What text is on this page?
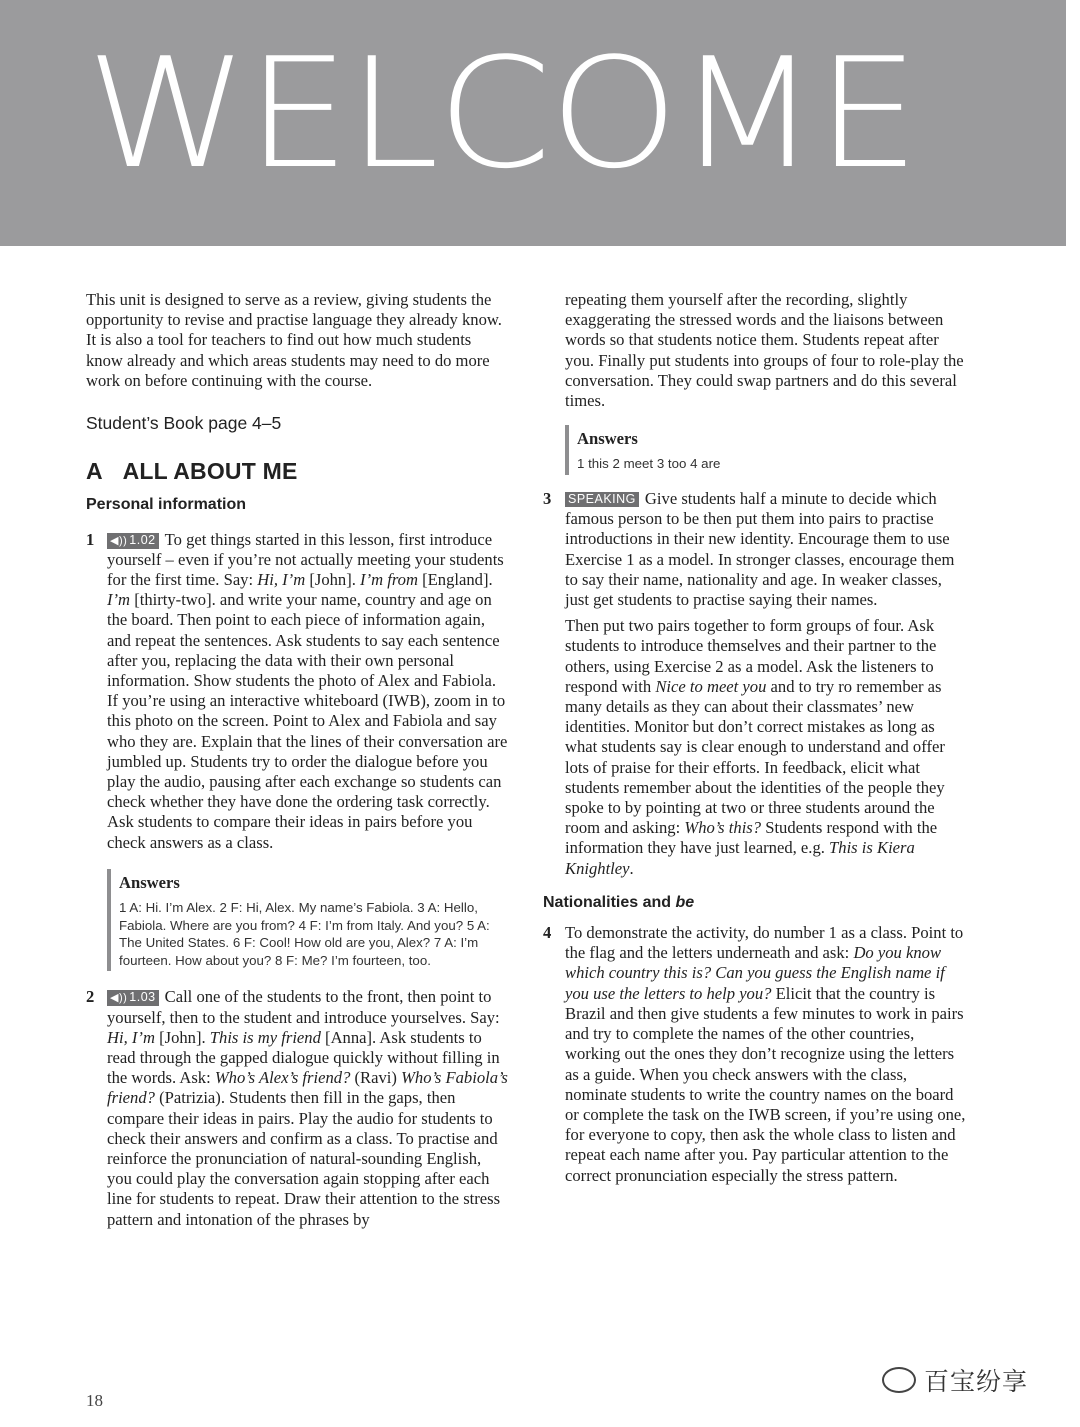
WELCOME

This unit is designed to serve as a review, giving students the opportunity to revise and practise language they already know. It is also a tool for teachers to find out how much students know already and which areas students may need to do more work on before continuing with the course.

Student’s Book page 4–5
A ALL ABOUT ME
Personal information
1 ◀)) 1.02 To get things started in this lesson, first introduce yourself – even if you’re not actually meeting your students for the first time. Say: Hi, I’m [John]. I’m from [England]. I’m [thirty-two]. and write your name, country and age on the board. Then point to each piece of information again, and repeat the sentences. Ask students to say each sentence after you, replacing the data with their own personal information. Show students the photo of Alex and Fabiola. If you’re using an interactive whiteboard (IWB), zoom in to this photo on the screen. Point to Alex and Fabiola and say who they are. Explain that the lines of their conversation are jumbled up. Students try to order the dialogue before you play the audio, pausing after each exchange so students can check whether they have done the ordering task correctly. Ask students to compare their ideas in pairs before you check answers as a class.
Answers
1 A: Hi. I’m Alex. 2 F: Hi, Alex. My name’s Fabiola. 3 A: Hello, Fabiola. Where are you from? 4 F: I’m from Italy. And you? 5 A: The United States. 6 F: Cool! How old are you, Alex? 7 A: I’m fourteen. How about you? 8 F: Me? I’m fourteen, too.
2 ◀)) 1.03 Call one of the students to the front, then point to yourself, then to the student and introduce yourselves. Say: Hi, I’m [John]. This is my friend [Anna]. Ask students to read through the gapped dialogue quickly without filling in the words. Ask: Who’s Alex’s friend? (Ravi) Who’s Fabiola’s friend? (Patrizia). Students then fill in the gaps, then compare their ideas in pairs. Play the audio for students to check their answers and confirm as a class. To practise and reinforce the pronunciation of natural-sounding English, you could play the conversation again stopping after each line for students to repeat. Draw their attention to the stress pattern and intonation of the phrases by

repeating them yourself after the recording, slightly exaggerating the stressed words and the liaisons between words so that students notice them. Students repeat after you. Finally put students into groups of four to role-play the conversation. They could swap partners and do this several times.

Answers
1 this 2 meet 3 too 4 are
3 SPEAKING Give students half a minute to decide which famous person to be then put them into pairs to practise introductions in their new identity. Encourage them to use Exercise 1 as a model. In stronger classes, encourage them to say their name, nationality and age. In weaker classes, just get students to practise saying their names.

Then put two pairs together to form groups of four. Ask students to introduce themselves and their partner to the others, using Exercise 2 as a model. Ask the listeners to respond with Nice to meet you and to try ro remember as many details as they can about their classmates’ new identities. Monitor but don’t correct mistakes as long as what students say is clear enough to understand and offer lots of praise for their efforts. In feedback, elicit what students remember about the identities of the people they spoke to by pointing at two or three students around the room and asking: Who’s this? Students respond with the information they have just learned, e.g. This is Kiera Knightley.

Nationalities and be
4 To demonstrate the activity, do number 1 as a class. Point to the flag and the letters underneath and ask: Do you know which country this is? Can you guess the English name if you use the letters to help you? Elicit that the country is Brazil and then give students a few minutes to work in pairs and try to complete the names of the other countries, working out the ones they don’t recognize using the letters as a guide. When you check answers with the class, nominate students to write the country names on the board or complete the task on the IWB screen, if you’re using one, for everyone to copy, then ask the whole class to listen and repeat each name after you. Pay particular attention to the correct pronunciation especially the stress pattern.
18
百宝纷享
